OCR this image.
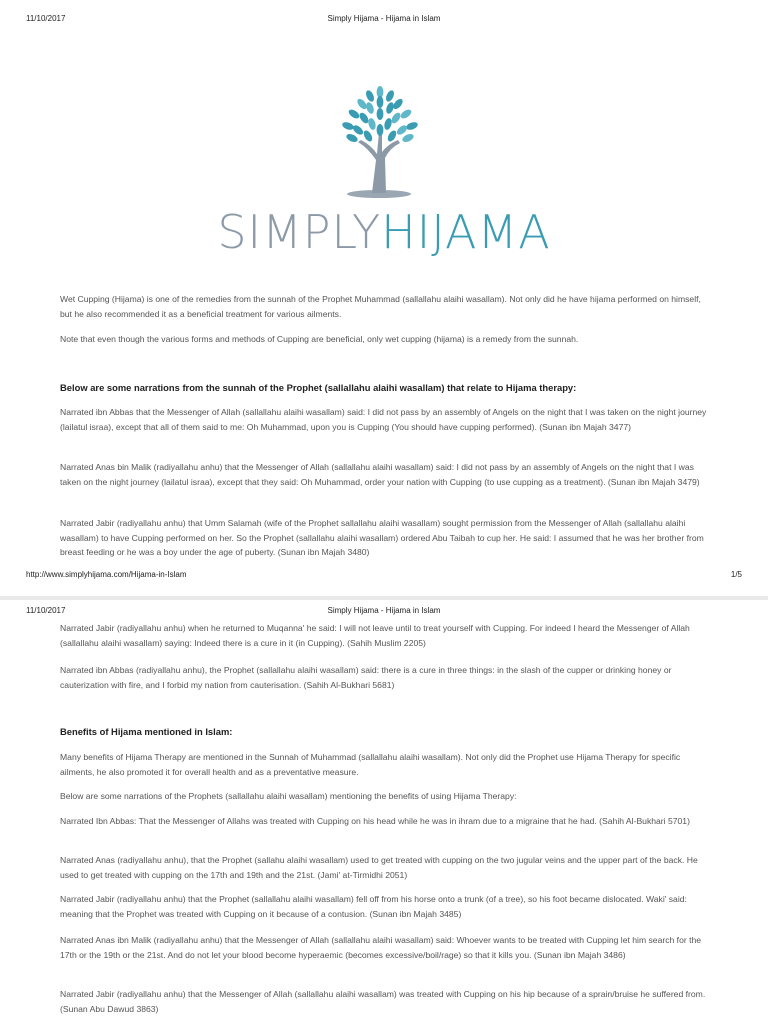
11/10/2017	Simply Hijama - Hijama in Islam
SIMPLYHIJAMA

Wet Cupping (Hijama) is one of the remedies from the sunnah of the Prophet Muhammad (sallallahu alaihi wasallam). Not only did he have hijama performed on himself, but he also recommended it as a beneficial treatment for various ailments.

Note that even though the various forms and methods of Cupping are beneficial, only wet cupping (hijama) is a remedy from the sunnah.

Below are some narrations from the sunnah of the Prophet (sallallahu alaihi wasallam) that relate to Hijama therapy:

Narrated ibn Abbas that the Messenger of Allah (sallallahu alaihi wasallam) said: I did not pass by an assembly of Angels on the night that I was taken on the night journey (lailatul israa), except that all of them said to me: Oh Muhammad, upon you is Cupping (You should have cupping performed). (Sunan ibn Majah 3477)

Narrated Anas bin Malik (radiyallahu anhu) that the Messenger of Allah (sallallahu alaihi wasallam) said: I did not pass by an assembly of Angels on the night that I was taken on the night journey (lailatul israa), except that they said: Oh Muhammad, order your nation with Cupping (to use cupping as a treatment). (Sunan ibn Majah 3479)

Narrated Jabir (radiyallahu anhu) that Umm Salamah (wife of the Prophet sallallahu alaihi wasallam) sought permission from the Messenger of Allah (sallallahu alaihi wasallam) to have Cupping performed on her. So the Prophet (sallallahu alaihi wasallam) ordered Abu Taibah to cup her. He said: I assumed that he was her brother from breast feeding or he was a boy under the age of puberty. (Sunan ibn Majah 3480)

http://www.simplyhijama.com/Hijama-in-Islam	1/5
11/10/2017	Simply Hijama - Hijama in Islam

Narrated Jabir (radiyallahu anhu) when he returned to Muqanna' he said: I will not leave until to treat yourself with Cupping. For indeed I heard the Messenger of Allah (sallallahu alaihi wasallam) saying: Indeed there is a cure in it (in Cupping). (Sahih Muslim 2205)

Narrated ibn Abbas (radiyallahu anhu), the Prophet (sallallahu alaihi wasallam) said: there is a cure in three things: in the slash of the cupper or drinking honey or cauterization with fire, and I forbid my nation from cauterisation. (Sahih Al-Bukhari 5681)

Benefits of Hijama mentioned in Islam:

Many benefits of Hijama Therapy are mentioned in the Sunnah of Muhammad (sallallahu alaihi wasallam). Not only did the Prophet use Hijama Therapy for specific ailments, he also promoted it for overall health and as a preventative measure.

Below are some narrations of the Prophets (sallallahu alaihi wasallam) mentioning the benefits of using Hijama Therapy:

Narrated Ibn Abbas: That the Messenger of Allahs was treated with Cupping on his head while he was in ihram due to a migraine that he had. (Sahih Al-Bukhari 5701)

Narrated Anas (radiyallahu anhu), that the Prophet (sallahu alaihi wasallam) used to get treated with cupping on the two jugular veins and the upper part of the back. He used to get treated with cupping on the 17th and 19th and the 21st. (Jami' at-Tirmidhi 2051)

Narrated Jabir (radiyallahu anhu) that the Prophet (sallallahu alaihi wasallam) fell off from his horse onto a trunk (of a tree), so his foot became dislocated. Waki' said: meaning that the Prophet was treated with Cupping on it because of a contusion. (Sunan ibn Majah 3485)

Narrated Anas ibn Malik (radiyallahu anhu) that the Messenger of Allah (sallallahu alaihi wasallam) said: Whoever wants to be treated with Cupping let him search for the 17th or the 19th or the 21st. And do not let your blood become hyperaemic (becomes excessive/boil/rage) so that it kills you. (Sunan ibn Majah 3486)

Narrated Jabir (radiyallahu anhu) that the Messenger of Allah (sallallahu alaihi wasallam) was treated with Cupping on his hip because of a sprain/bruise he suffered from. (Sunan Abu Dawud 3863)
